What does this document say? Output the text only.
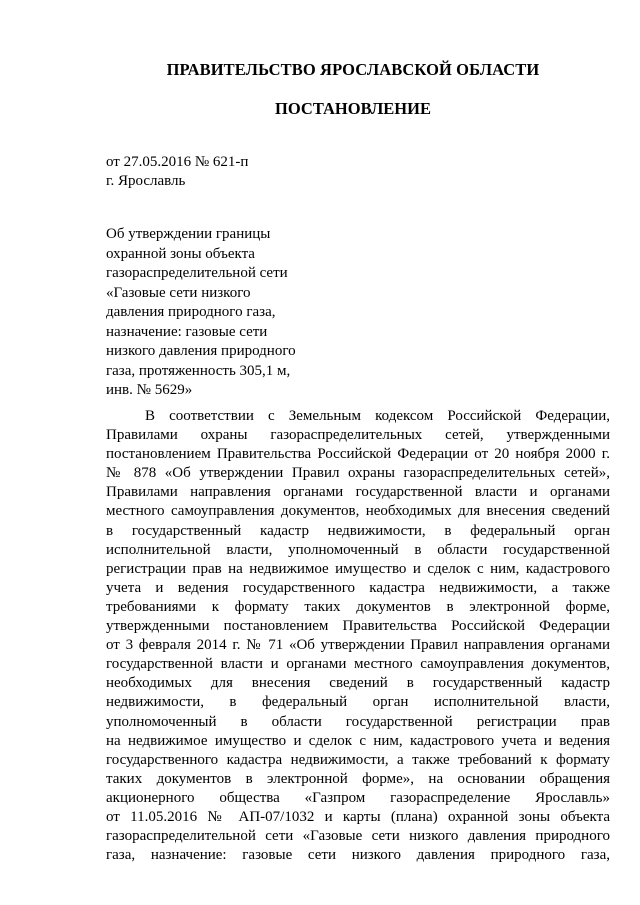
ПРАВИТЕЛЬСТВО ЯРОСЛАВСКОЙ ОБЛАСТИ
ПОСТАНОВЛЕНИЕ
от 27.05.2016 № 621-п
г. Ярославль
Об утверждении границы
охранной зоны объекта
газораспределительной сети
«Газовые сети низкого
давления природного газа,
назначение: газовые сети
низкого давления природного
газа, протяженность 305,1 м,
инв. № 5629»
В соответствии с Земельным кодексом Российской Федерации,
Правилами охраны газораспределительных сетей, утвержденными
постановлением Правительства Российской Федерации от 20 ноября 2000 г.
№ 878 «Об утверждении Правил охраны газораспределительных сетей»,
Правилами направления органами государственной власти и органами
местного самоуправления документов, необходимых для внесения сведений
в государственный кадастр недвижимости, в федеральный орган
исполнительной власти, уполномоченный в области государственной
регистрации прав на недвижимое имущество и сделок с ним, кадастрового
учета и ведения государственного кадастра недвижимости, а также
требованиями к формату таких документов в электронной форме,
утвержденными постановлением Правительства Российской Федерации
от 3 февраля 2014 г. № 71 «Об утверждении Правил направления органами
государственной власти и органами местного самоуправления документов,
необходимых для внесения сведений в государственный кадастр
недвижимости, в федеральный орган исполнительной власти,
уполномоченный в области государственной регистрации прав
на недвижимое имущество и сделок с ним, кадастрового учета и ведения
государственного кадастра недвижимости, а также требований к формату
таких документов в электронной форме», на основании обращения
акционерного общества «Газпром газораспределение Ярославль»
от 11.05.2016 № АП-07/1032 и карты (плана) охранной зоны объекта
газораспределительной сети «Газовые сети низкого давления природного
газа, назначение: газовые сети низкого давления природного газа,
